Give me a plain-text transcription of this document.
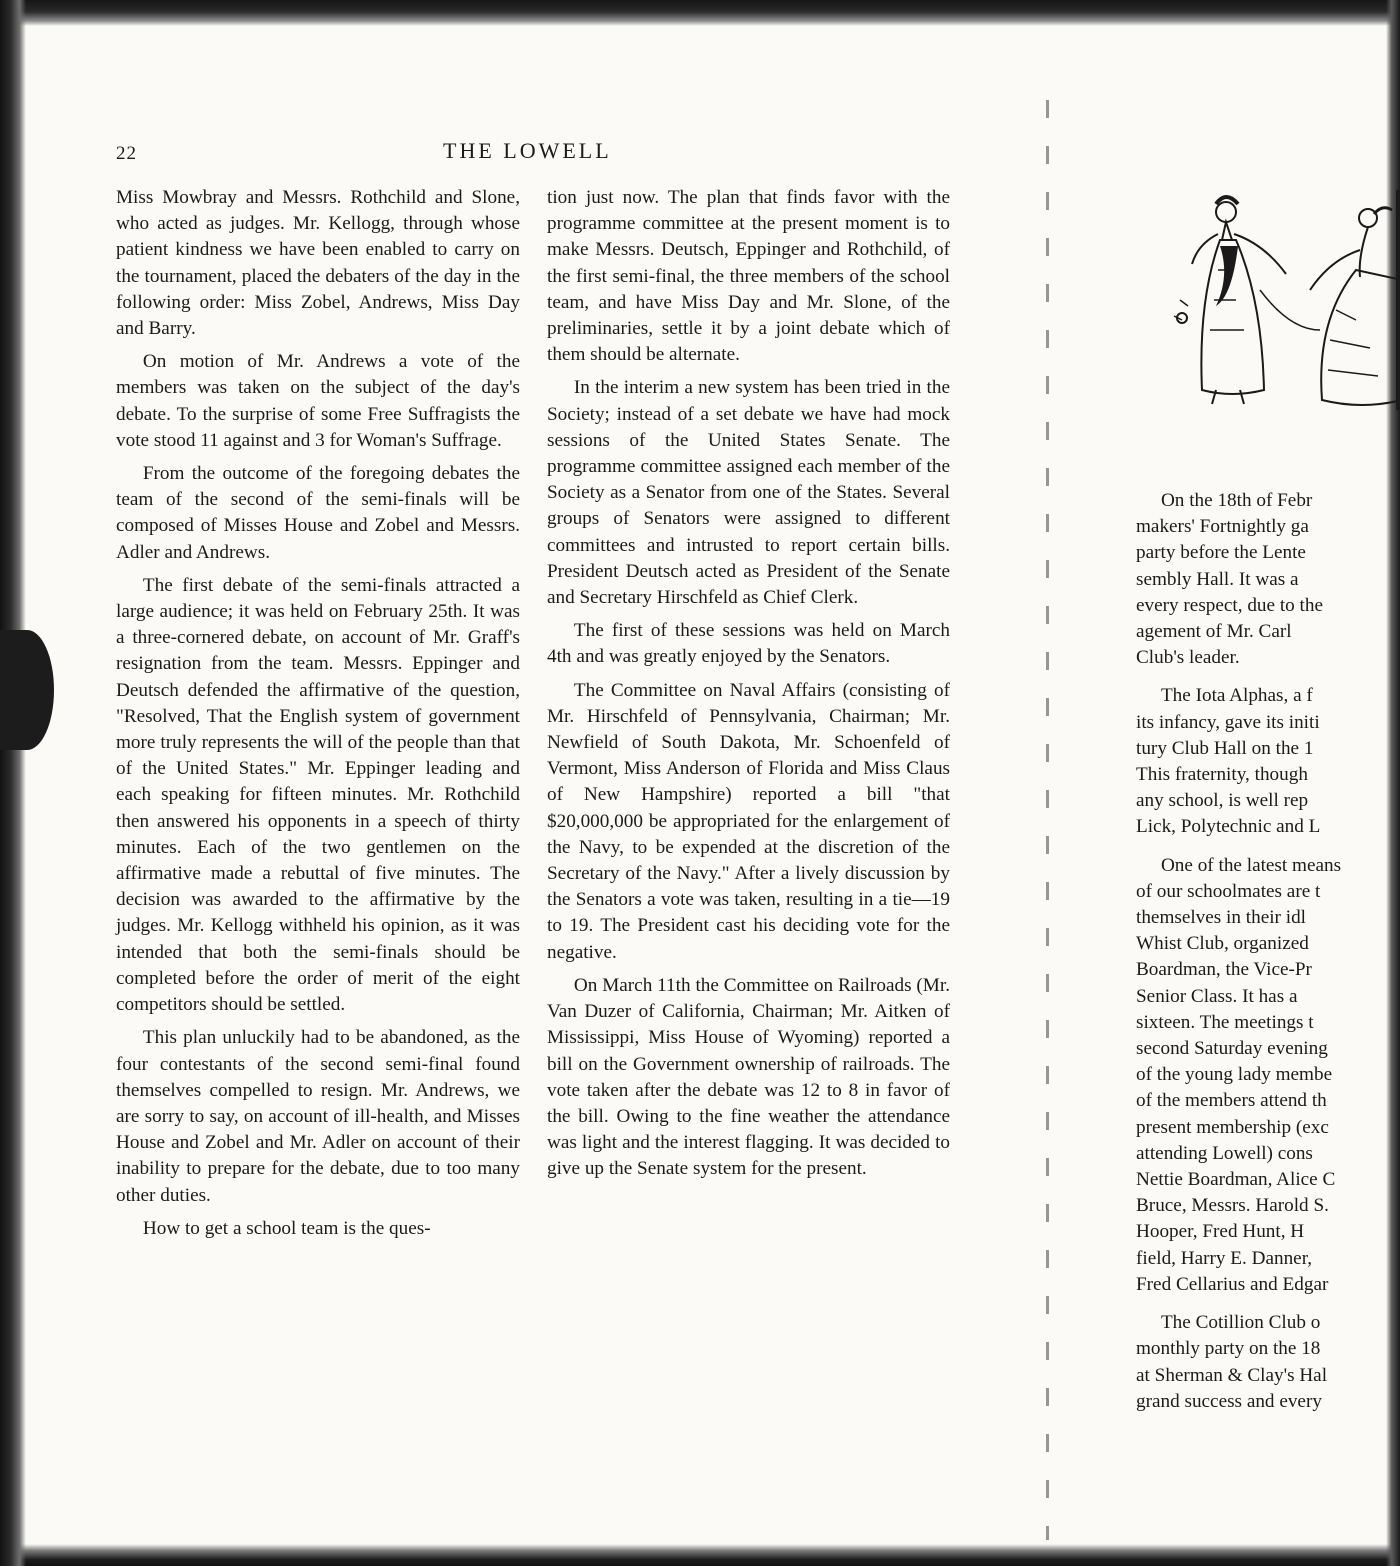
22	THE LOWELL

Miss Mowbray and Messrs. Rothchild and Slone, who acted as judges. Mr. Kellogg, through whose patient kindness we have been enabled to carry on the tournament, placed the debaters of the day in the following order: Miss Zobel, Andrews, Miss Day and Barry.

On motion of Mr. Andrews a vote of the members was taken on the subject of the day's debate. To the surprise of some Free Suffragists the vote stood 11 against and 3 for Woman's Suffrage.

From the outcome of the foregoing debates the team of the second of the semi-finals will be composed of Misses House and Zobel and Messrs. Adler and Andrews.

The first debate of the semi-finals attracted a large audience; it was held on February 25th. It was a three-cornered debate, on account of Mr. Graff's resignation from the team. Messrs. Eppinger and Deutsch defended the affirmative of the question, "Resolved, That the English system of government more truly represents the will of the people than that of the United States." Mr. Eppinger leading and each speaking for fifteen minutes. Mr. Rothchild then answered his opponents in a speech of thirty minutes. Each of the two gentlemen on the affirmative made a rebuttal of five minutes. The decision was awarded to the affirmative by the judges. Mr. Kellogg withheld his opinion, as it was intended that both the semi-finals should be completed before the order of merit of the eight competitors should be settled.

This plan unluckily had to be abandoned, as the four contestants of the second semi-final found themselves compelled to resign. Mr. Andrews, we are sorry to say, on account of ill-health, and Misses House and Zobel and Mr. Adler on account of their inability to prepare for the debate, due to too many other duties.

How to get a school team is the ques-

tion just now. The plan that finds favor with the programme committee at the present moment is to make Messrs. Deutsch, Eppinger and Rothchild, of the first semi-final, the three members of the school team, and have Miss Day and Mr. Slone, of the preliminaries, settle it by a joint debate which of them should be alternate.

In the interim a new system has been tried in the Society; instead of a set debate we have had mock sessions of the United States Senate. The programme committee assigned each member of the Society as a Senator from one of the States. Several groups of Senators were assigned to different committees and intrusted to report certain bills. President Deutsch acted as President of the Senate and Secretary Hirschfeld as Chief Clerk.

The first of these sessions was held on March 4th and was greatly enjoyed by the Senators.

The Committee on Naval Affairs (consisting of Mr. Hirschfeld of Pennsylvania, Chairman; Mr. Newfield of South Dakota, Mr. Schoenfeld of Vermont, Miss Anderson of Florida and Miss Claus of New Hampshire) reported a bill "that $20,000,000 be appropriated for the enlargement of the Navy, to be expended at the discretion of the Secretary of the Navy." After a lively discussion by the Senators a vote was taken, resulting in a tie—19 to 19. The President cast his deciding vote for the negative.

On March 11th the Committee on Railroads (Mr. Van Duzer of California, Chairman; Mr. Aitken of Mississippi, Miss House of Wyoming) reported a bill on the Government ownership of railroads. The vote taken after the debate was 12 to 8 in favor of the bill. Owing to the fine weather the attendance was light and the interest flagging. It was decided to give up the Senate system for the present.

On the 18th of Febr
makers' Fortnightly ga
party before the Lente
sembly Hall. It was a
every respect, due to the
agement of Mr. Carl
Club's leader.

The Iota Alphas, a f
its infancy, gave its initi
tury Club Hall on the 1
This fraternity, though
any school, is well rep
Lick, Polytechnic and L

One of the latest means
of our schoolmates are t
themselves in their idl
Whist Club, organized
Boardman, the Vice-Pr
Senior Class. It has a
sixteen. The meetings t
second Saturday evening
of the young lady membe
of the members attend th
present membership (exc
attending Lowell) cons
Nettie Boardman, Alice C
Bruce, Messrs. Harold S.
Hooper, Fred Hunt, H
field, Harry E. Danner,
Fred Cellarius and Edgar

The Cotillion Club o
monthly party on the 18
at Sherman & Clay's Hal
grand success and every
